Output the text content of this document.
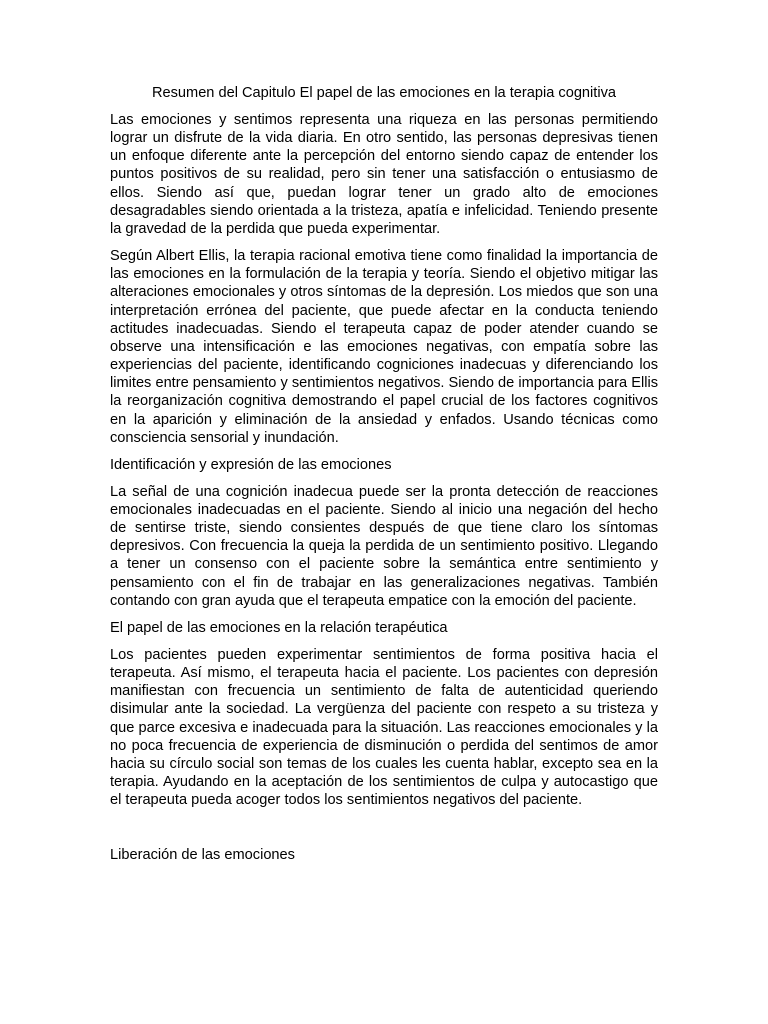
Resumen del Capitulo El papel de las emociones en la terapia cognitiva

Las emociones y sentimos representa una riqueza en las personas permitiendo lograr un disfrute de la vida diaria. En otro sentido, las personas depresivas tienen un enfoque diferente ante la percepción del entorno siendo capaz de entender los puntos positivos de su realidad, pero sin tener una satisfacción o entusiasmo de ellos. Siendo así que, puedan lograr tener un grado alto de emociones desagradables siendo orientada a la tristeza, apatía e infelicidad. Teniendo presente la gravedad de la perdida que pueda experimentar.

Según Albert Ellis, la terapia racional emotiva tiene como finalidad la importancia de las emociones en la formulación de la terapia y teoría. Siendo el objetivo mitigar las alteraciones emocionales y otros síntomas de la depresión. Los miedos que son una interpretación errónea del paciente, que puede afectar en la conducta teniendo actitudes inadecuadas. Siendo el terapeuta capaz de poder atender cuando se observe una intensificación e las emociones negativas, con empatía sobre las experiencias del paciente, identificando cogniciones inadecuas y diferenciando los limites entre pensamiento y sentimientos negativos. Siendo de importancia para Ellis la reorganización cognitiva demostrando el papel crucial de los factores cognitivos en la aparición y eliminación de la ansiedad y enfados. Usando técnicas como consciencia sensorial y inundación.

Identificación y expresión de las emociones

La señal de una cognición inadecua puede ser la pronta detección de reacciones emocionales inadecuadas en el paciente. Siendo al inicio una negación del hecho de sentirse triste, siendo consientes después de que tiene claro los síntomas depresivos. Con frecuencia la queja la perdida de un sentimiento positivo. Llegando a tener un consenso con el paciente sobre la semántica entre sentimiento y pensamiento con el fin de trabajar en las generalizaciones negativas. También contando con gran ayuda que el terapeuta empatice con la emoción del paciente.

El papel de las emociones en la relación terapéutica

Los pacientes pueden experimentar sentimientos de forma positiva hacia el terapeuta. Así mismo, el terapeuta hacia el paciente. Los pacientes con depresión manifiestan con frecuencia un sentimiento de falta de autenticidad queriendo disimular ante la sociedad. La vergüenza del paciente con respeto a su tristeza y que parce excesiva e inadecuada para la situación. Las reacciones emocionales y la no poca frecuencia de experiencia de disminución o perdida del sentimos de amor hacia su círculo social son temas de los cuales les cuenta hablar, excepto sea en la terapia. Ayudando en la aceptación de los sentimientos de culpa y autocastigo que el terapeuta pueda acoger todos los sentimientos negativos del paciente.

Liberación de las emociones
